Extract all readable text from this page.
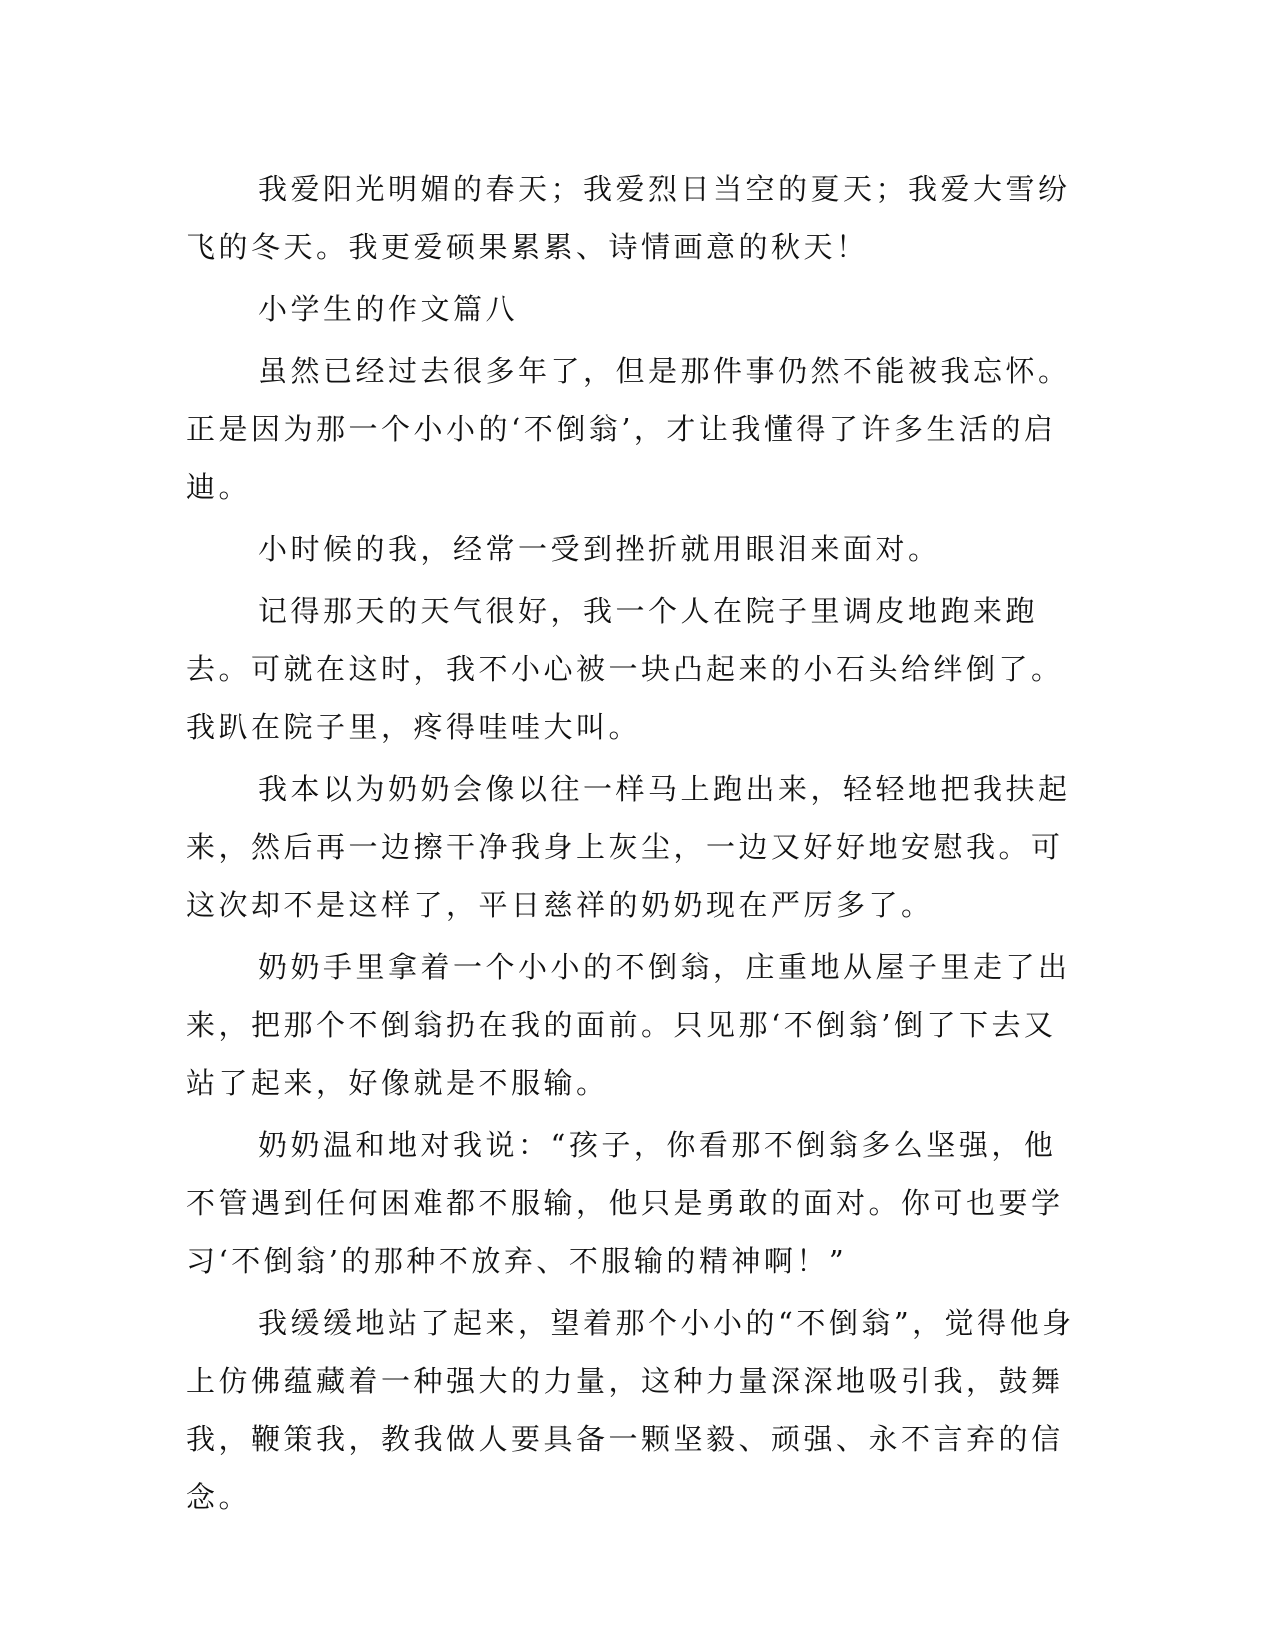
我爱阳光明媚的春天；我爱烈日当空的夏天；我爱大雪纷飞的冬天。我更爱硕果累累、诗情画意的秋天！

小学生的作文篇八

虽然已经过去很多年了，但是那件事仍然不能被我忘怀。正是因为那一个小小的‘不倒翁’，才让我懂得了许多生活的启迪。

小时候的我，经常一受到挫折就用眼泪来面对。

记得那天的天气很好，我一个人在院子里调皮地跑来跑去。可就在这时，我不小心被一块凸起来的小石头给绊倒了。我趴在院子里，疼得哇哇大叫。

我本以为奶奶会像以往一样马上跑出来，轻轻地把我扶起来，然后再一边擦干净我身上灰尘，一边又好好地安慰我。可这次却不是这样了，平日慈祥的奶奶现在严厉多了。

奶奶手里拿着一个小小的不倒翁，庄重地从屋子里走了出来，把那个不倒翁扔在我的面前。只见那‘不倒翁’倒了下去又站了起来，好像就是不服输。

奶奶温和地对我说：“孩子，你看那不倒翁多么坚强，他不管遇到任何困难都不服输，他只是勇敢的面对。你可也要学习‘不倒翁’的那种不放弃、不服输的精神啊！”

我缓缓地站了起来，望着那个小小的“不倒翁”，觉得他身上仿佛蕴藏着一种强大的力量，这种力量深深地吸引我，鼓舞我，鞭策我，教我做人要具备一颗坚毅、顽强、永不言弃的信念。
